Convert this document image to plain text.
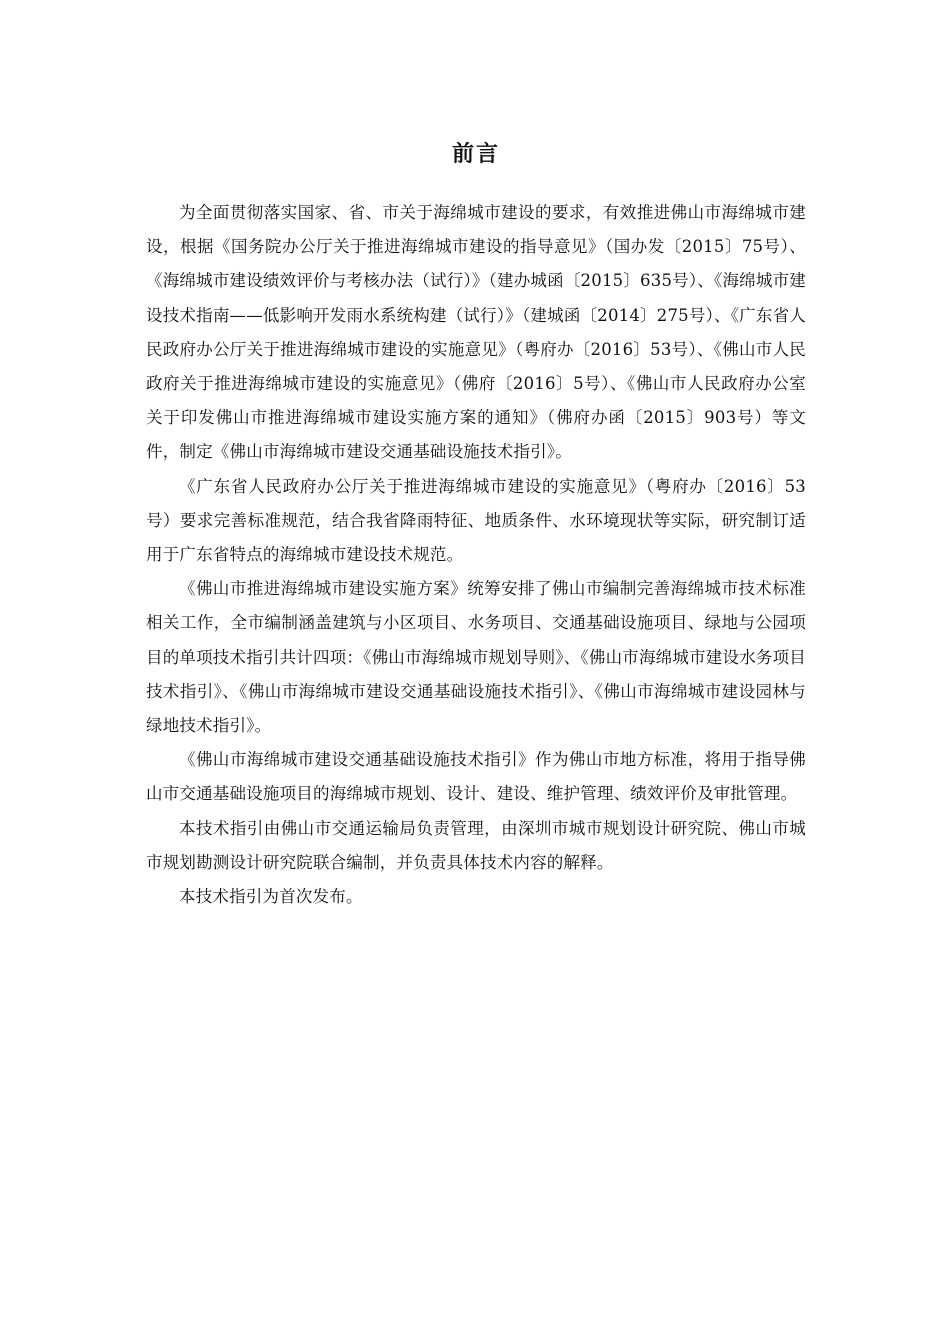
前言

为全面贯彻落实国家、省、市关于海绵城市建设的要求，有效推进佛山市海绵城市建设，根据《国务院办公厅关于推进海绵城市建设的指导意见》（国办发〔2015〕75号）、《海绵城市建设绩效评价与考核办法（试行）》（建办城函〔2015〕635号）、《海绵城市建设技术指南——低影响开发雨水系统构建（试行）》（建城函〔2014〕275号）、《广东省人民政府办公厅关于推进海绵城市建设的实施意见》（粤府办〔2016〕53号）、《佛山市人民政府关于推进海绵城市建设的实施意见》（佛府〔2016〕5号）、《佛山市人民政府办公室关于印发佛山市推进海绵城市建设实施方案的通知》（佛府办函〔2015〕903号）等文件，制定《佛山市海绵城市建设交通基础设施技术指引》。

《广东省人民政府办公厅关于推进海绵城市建设的实施意见》（粤府办〔2016〕53号）要求完善标准规范，结合我省降雨特征、地质条件、水环境现状等实际，研究制订适用于广东省特点的海绵城市建设技术规范。

《佛山市推进海绵城市建设实施方案》统筹安排了佛山市编制完善海绵城市技术标准相关工作，全市编制涵盖建筑与小区项目、水务项目、交通基础设施项目、绿地与公园项目的单项技术指引共计四项：《佛山市海绵城市规划导则》、《佛山市海绵城市建设水务项目技术指引》、《佛山市海绵城市建设交通基础设施技术指引》、《佛山市海绵城市建设园林与绿地技术指引》。

《佛山市海绵城市建设交通基础设施技术指引》作为佛山市地方标准，将用于指导佛山市交通基础设施项目的海绵城市规划、设计、建设、维护管理、绩效评价及审批管理。

本技术指引由佛山市交通运输局负责管理，由深圳市城市规划设计研究院、佛山市城市规划勘测设计研究院联合编制，并负责具体技术内容的解释。

本技术指引为首次发布。
